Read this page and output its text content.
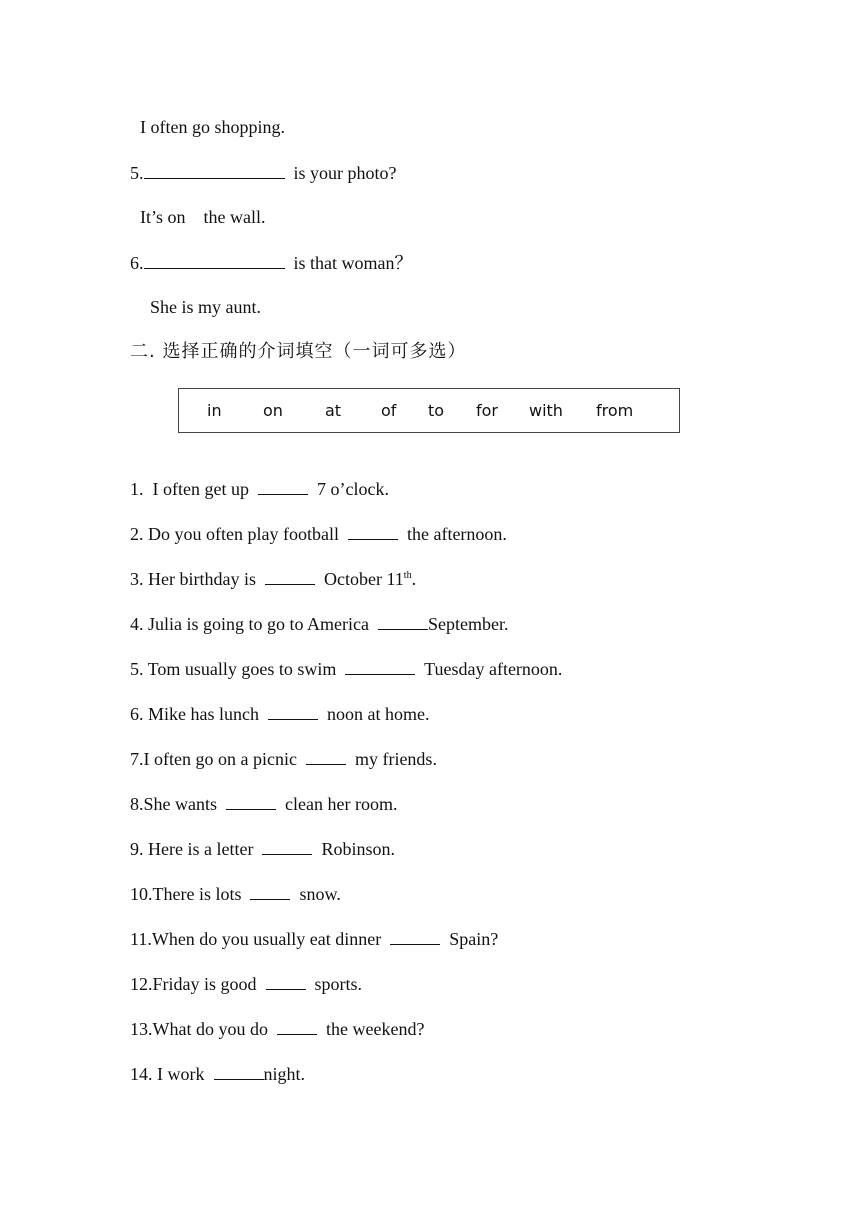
I often go shopping.
5.	is your photo?
It’s on    the wall.
6.	is that woman？
She is my aunt.
二. 选择正确的介词填空（一词可多选）
in	on	at of to for with from
1.  I often get up	7 o’clock.
2. Do you often play football	the afternoon.
3. Her birthday is	October 11th.
4. Julia is going to go to America	September.
5. Tom usually goes to swim	Tuesday afternoon.
6. Mike has lunch	noon at home.
7.I often go on a picnic	my friends.
8.She wants	clean her room.
9. Here is a letter	Robinson.
10.There is lots	snow.
11.When do you usually eat dinner	Spain?
12.Friday is good	sports.
13.What do you do	the weekend?
14. I work	night.
